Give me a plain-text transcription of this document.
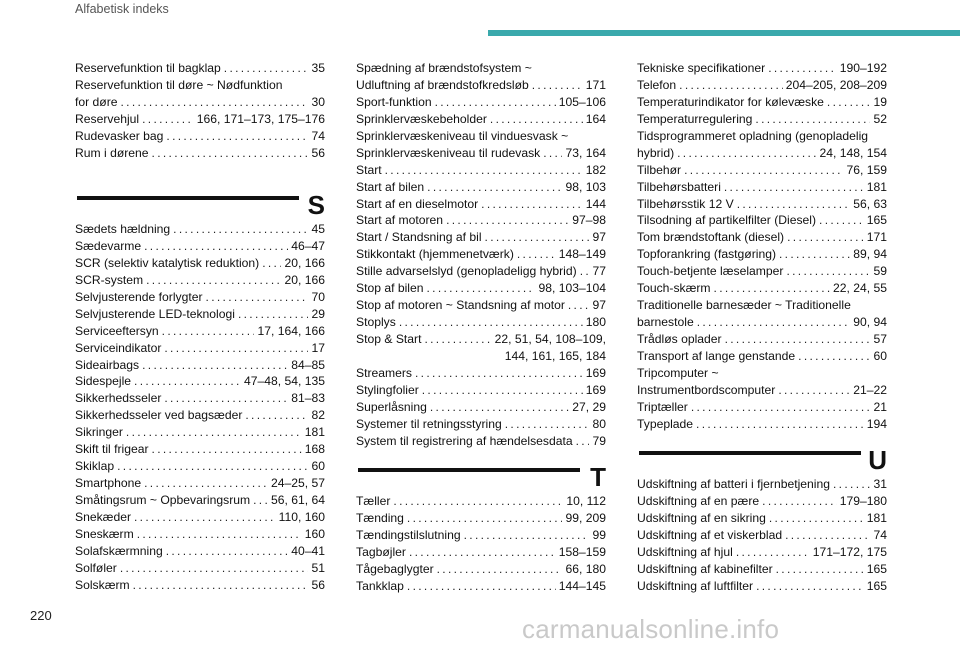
Alfabetisk indeks
Reservefunktion til bagklap . . .	35
Reservefunktion til døre ~ Nødfunktion
for døre . . .	30
Reservehjul . . .	166, 171–173, 175–176
Rudevasker bag . . .	74
Rum i dørene . . .	56
S
Sædets hældning . . .	45
Sædevarme . . .	46–47
SCR (selektiv katalytisk reduktion) . . . 20, 166
SCR-system . . .	20, 166
Selvjusterende forlygter . . .	70
Selvjusterende LED-teknologi . . .	29
Serviceeftersyn . . .	17, 164, 166
Serviceindikator . . .	17
Sideairbags . . .	84–85
Sidespejle . . .	47–48, 54, 135
Sikkerhedsseler . . .	81–83
Sikkerhedsseler ved bagsæder . . .	82
Sikringer . . .	181
Skift til frigear . . .	168
Skiklap . . .	60
Smartphone . . .	24–25, 57
Småtingsrum ~ Opbevaringsrum . . . 56, 61, 64
Snekæder . . .	110, 160
Sneskærm . . .	160
Solafskærmning . . .	40–41
Solføler . . .	51
Solskærm . . .	56
Spædning af brændstofsystem ~
Udluftning af brændstofkredsløb . . .	171
Sport-funktion . . .	105–106
Sprinklervæskebeholder . . .	164
Sprinklervæskeniveau til vinduesvask ~
Sprinklervæskeniveau til rudevask . . . 73, 164
Start . . .	182
Start af bilen . . .	98, 103
Start af en dieselmotor . . .	144
Start af motoren . . .	97–98
Start / Standsning af bil . . .	97
Stikkontakt (hjemmenetværk) . . .	148–149
Stille advarselslyd (genopladeligg hybrid) . . . 77
Stop af bilen . . .	98, 103–104
Stop af motoren ~ Standsning af motor . . . 97
Stoplys . . .	180
Stop & Start . . .	22, 51, 54, 108–109,
144, 161, 165, 184
Streamers . . .	169
Stylingfolier . . .	169
Superlåsning . . .	27, 29
Systemer til retningsstyring . . .	80
System til registrering af hændelsesdata . . . 79
T
Tæller . . .	10, 112
Tænding . . .	99, 209
Tændingstilslutning . . .	99
Tagbøjler . . .	158–159
Tågebaglygter . . .	66, 180
Tankklap . . .	144–145
Tekniske specifikationer . . .	190–192
Telefon . . .	204–205, 208–209
Temperaturindikator for kølevæske . . .	19
Temperaturregulering . . .	52
Tidsprogrammeret opladning (genopladelig
hybrid) . . .	24, 148, 154
Tilbehør . . .	76, 159
Tilbehørsbatteri . . .	181
Tilbehørsstik 12 V . . .	56, 63
Tilsodning af partikelfilter (Diesel) . . .	165
Tom brændstoftank (diesel) . . .	171
Topforankring (fastgøring) . . .	89, 94
Touch-betjente læselamper . . .	59
Touch-skærm . . .	22, 24, 55
Traditionelle barnesæder ~ Traditionelle
barnestole . . .	90, 94
Trådløs oplader . . .	57
Transport af lange genstande . . .	60
Tripcomputer ~
Instrumentbordscomputer . . .	21–22
Triptæller . . .	21
Typeplade . . .	194
U
Udskiftning af batteri i fjernbetjening . . .	31
Udskiftning af en pære . . .	179–180
Udskiftning af en sikring . . .	181
Udskiftning af et viskerblad . . .	74
Udskiftning af hjul . . .	171–172, 175
Udskiftning af kabinefilter . . .	165
Udskiftning af luftfilter . . .	165
220	carmanualsonline.info
